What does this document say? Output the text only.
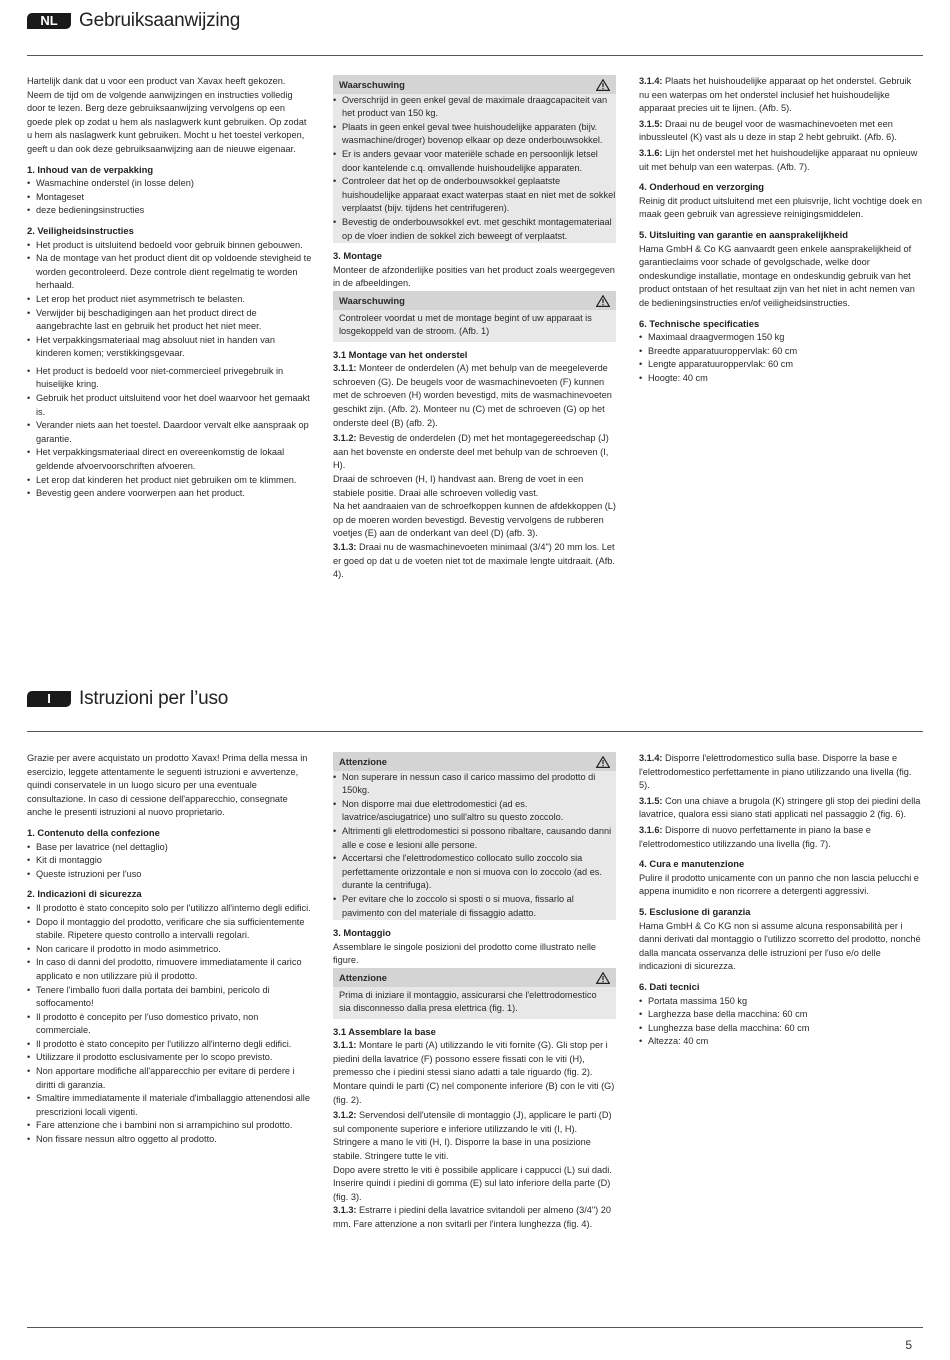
NL	Gebruiksaanwijzing

Hartelijk dank dat u voor een product van Xavax heeft gekozen. Neem de tijd om de volgende aanwijzingen en instructies volledig door te lezen. Berg deze gebruiksaanwijzing vervolgens op een goede plek op zodat u hem als naslagwerk kunt gebruiken. Op zodat u hem als naslagwerk kunt gebruiken. Mocht u het toestel verkopen, geeft u dan ook deze gebruiksaanwijzing aan de nieuwe eigenaar.

1. Inhoud van de verpakking
• Wasmachine onderstel (in losse delen)
• Montageset
• deze bedieningsinstructies
2. Veiligheidsinstructies
• Het product is uitsluitend bedoeld voor gebruik binnen gebouwen.
• Na de montage van het product dient dit op voldoende stevigheid te worden gecontroleerd. Deze controle dient regelmatig te worden herhaald.
• Let erop het product niet asymmetrisch te belasten.
• Verwijder bij beschadigingen aan het product direct de aangebrachte last en gebruik het product het niet meer.
• Het verpakkingsmateriaal mag absoluut niet in handen van kinderen komen; verstikkingsgevaar.
• Het product is bedoeld voor niet-commercieel privegebruik in huiselijke kring.
• Gebruik het product uitsluitend voor het doel waarvoor het gemaakt is.
• Verander niets aan het toestel. Daardoor vervalt elke aanspraak op garantie.
• Het verpakkingsmateriaal direct en overeenkomstig de lokaal geldende afvoervoorschriften afvoeren.
• Let erop dat kinderen het product niet gebruiken om te klimmen.
• Bevestig geen andere voorwerpen aan het product.
Waarschuwing
• Overschrijd in geen enkel geval de maximale draagcapaciteit van het product van 150 kg.
• Plaats in geen enkel geval twee huishoudelijke apparaten (bijv. wasmachine/droger) bovenop elkaar op deze onderbouwsokkel.
• Er is anders gevaar voor materiële schade en persoonlijk letsel door kantelende c.q. omvallende huishoudelijke apparaten.
• Controleer dat het op de onderbouwsokkel geplaatste huishoudelijke apparaat exact waterpas staat en niet met de sokkel verplaatst (bijv. tijdens het centrifugeren).
• Bevestig de onderbouwsokkel evt. met geschikt montagemateriaal op de vloer indien de sokkel zich beweegt of verplaatst.
3. Montage

Monteer de afzonderlijke posities van het product zoals weergegeven in de afbeeldingen.

Waarschuwing

Controleer voordat u met de montage begint of uw apparaat is losgekoppeld van de stroom. (Afb. 1)

3.1 Montage van het onderstel

3.1.1: Monteer de onderdelen (A) met behulp van de meegeleverde schroeven (G). De beugels voor de wasmachinevoeten (F) kunnen met de schroeven (H) worden bevestigd, mits de wasmachinevoeten geschikt zijn. (Afb. 2). Monteer nu (C) met de schroeven (G) op het onderste deel (B) (afb. 2).

3.1.2: Bevestig de onderdelen (D) met het montagegereedschap (J) aan het bovenste en onderste deel met behulp van de schroeven (I, H).

Draai de schroeven (H, I) handvast aan. Breng de voet in een stabiele positie. Draai alle schroeven volledig vast.

Na het aandraaien van de schroefkoppen kunnen de afdekkoppen (L) op de moeren worden bevestigd. Bevestig vervolgens de rubberen voetjes (E) aan de onderkant van deel (D) (afb. 3).

3.1.3: Draai nu de wasmachinevoeten minimaal (3/4") 20 mm los. Let er goed op dat u de voeten niet tot de maximale lengte uitdraait. (Afb. 4).

3.1.4: Plaats het huishoudelijke apparaat op het onderstel. Gebruik nu een waterpas om het onderstel inclusief het huishoudelijke apparaat precies uit te lijnen. (Afb. 5).

3.1.5: Draai nu de beugel voor de wasmachinevoeten met een inbussleutel (K) vast als u deze in stap 2 hebt gebruikt. (Afb. 6).

3.1.6: Lijn het onderstel met het huishoudelijke apparaat nu opnieuw uit met behulp van een waterpas. (Afb. 7).

4. Onderhoud en verzorging

Reinig dit product uitsluitend met een pluisvrije, licht vochtige doek en maak geen gebruik van agressieve reinigingsmiddelen.

5. Uitsluiting van garantie en aansprakelijkheid

Hama GmbH & Co KG aanvaardt geen enkele aansprakelijkheid of garantieclaims voor schade of gevolgschade, welke door ondeskundige installatie, montage en ondeskundig gebruik van het product ontstaan of het resultaat zijn van het niet in acht nemen van de bedieningsinstructies en/of veiligheidsinstructies.

6. Technische specificaties
• Maximaal draagvermogen 150 kg
• Breedte apparatuuroppervlak: 60 cm
• Lengte apparatuuroppervlak: 60 cm
• Hoogte: 40 cm
I	Istruzioni per l’uso

Grazie per avere acquistato un prodotto Xavax! Prima della messa in esercizio, leggete attentamente le seguenti istruzioni e avvertenze, quindi conservatele in un luogo sicuro per una eventuale consultazione. In caso di cessione dell'apparecchio, consegnate anche le presenti istruzioni al nuovo proprietario.

1. Contenuto della confezione
• Base per lavatrice (nel dettaglio)
• Kit di montaggio
• Queste istruzioni per l'uso
2. Indicazioni di sicurezza
• Il prodotto è stato concepito solo per l'utilizzo all'interno degli edifici.
• Dopo il montaggio del prodotto, verificare che sia sufficientemente stabile. Ripetere questo controllo a intervalli regolari.
• Non caricare il prodotto in modo asimmetrico.
• In caso di danni del prodotto, rimuovere immediatamente il carico applicato e non utilizzare più il prodotto.
• Tenere l'imballo fuori dalla portata dei bambini, pericolo di soffocamento!
• Il prodotto è concepito per l'uso domestico privato, non commerciale.
• Il prodotto è stato concepito per l'utilizzo all'interno degli edifici.
• Utilizzare il prodotto esclusivamente per lo scopo previsto.
• Non apportare modifiche all'apparecchio per evitare di perdere i diritti di garanzia.
• Smaltire immediatamente il materiale d'imballaggio attenendosi alle prescrizioni locali vigenti.
• Fare attenzione che i bambini non si arrampichino sul prodotto.
• Non fissare nessun altro oggetto al prodotto.
Attenzione
• Non superare in nessun caso il carico massimo del prodotto di 150kg.
• Non disporre mai due elettrodomestici (ad es. lavatrice/asciugatrice) uno sull'altro su questo zoccolo.
• Altrimenti gli elettrodomestici si possono ribaltare, causando danni alle e cose e lesioni alle persone.
• Accertarsi che l'elettrodomestico collocato sullo zoccolo sia perfettamente orizzontale e non si muova con lo zoccolo (ad es. durante la centrifuga).
• Per evitare che lo zoccolo si sposti o si muova, fissarlo al pavimento con del materiale di fissaggio adatto.
3. Montaggio

Assemblare le singole posizioni del prodotto come illustrato nelle figure.

Attenzione

Prima di iniziare il montaggio, assicurarsi che l'elettrodomestico sia disconnesso dalla presa elettrica (fig. 1).

3.1 Assemblare la base

3.1.1: Montare le parti (A) utilizzando le viti fornite (G). Gli stop per i piedini della lavatrice (F) possono essere fissati con le viti (H), premesso che i piedini stessi siano adatti a tale riguardo (fig. 2). Montare quindi le parti (C) nel componente inferiore (B) con le viti (G) (fig. 2).

3.1.2: Servendosi dell'utensile di montaggio (J), applicare le parti (D) sul componente superiore e inferiore utilizzando le viti (I, H).

Stringere a mano le viti (H, I). Disporre la base in una posizione stabile. Stringere tutte le viti.

Dopo avere stretto le viti è possibile applicare i cappucci (L) sui dadi. Inserire quindi i piedini di gomma (E) sul lato inferiore della parte (D) (fig. 3).

3.1.3: Estrarre i piedini della lavatrice svitandoli per almeno (3/4") 20 mm. Fare attenzione a non svitarli per l'intera lunghezza (fig. 4).

3.1.4: Disporre l'elettrodomestico sulla base. Disporre la base e l'elettrodomestico perfettamente in piano utilizzando una livella (fig. 5).

3.1.5: Con una chiave a brugola (K) stringere gli stop dei piedini della lavatrice, qualora essi siano stati applicati nel passaggio 2 (fig. 6).

3.1.6: Disporre di nuovo perfettamente in piano la base e l'elettrodomestico utilizzando una livella (fig. 7).

4. Cura e manutenzione

Pulire il prodotto unicamente con un panno che non lascia pelucchi e appena inumidito e non ricorrere a detergenti aggressivi.

5. Esclusione di garanzia

Hama GmbH & Co KG non si assume alcuna responsabilità per i danni derivati dal montaggio o l'utilizzo scorretto del prodotto, nonché dalla mancata osservanza delle istruzioni per l'uso e/o delle indicazioni di sicurezza.

6. Dati tecnici
• Portata massima 150 kg
• Larghezza base della macchina: 60 cm
• Lunghezza base della macchina: 60 cm
• Altezza: 40 cm
5
